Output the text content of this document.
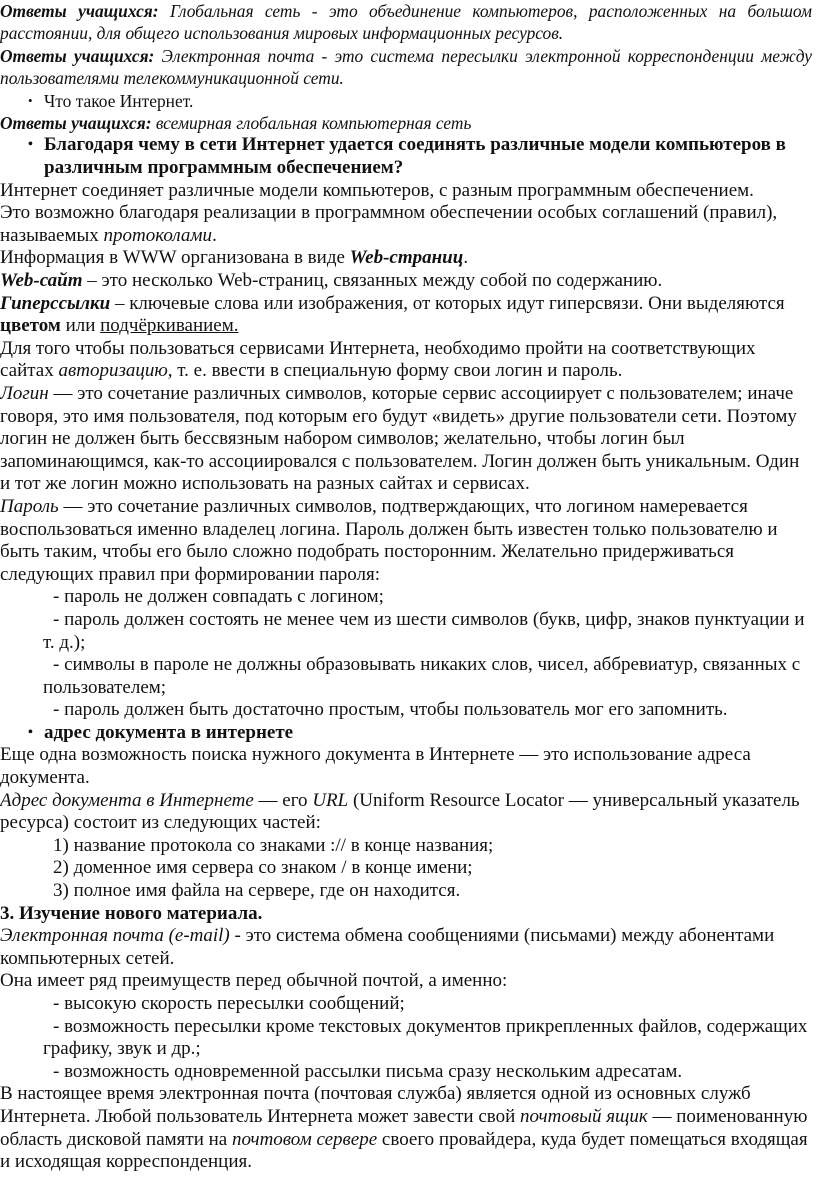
Ответы учащихся: Глобальная сеть - это объединение компьютеров, расположенных на большом расстоянии, для общего использования мировых информационных ресурсов.

Ответы учащихся: Электронная почта - это система пересылки электронной корреспонденции между пользователями телекоммуникационной сети.

• Что такое Интернет.

Ответы учащихся: всемирная глобальная компьютерная сеть

• Благодаря чему в сети Интернет удается соединять различные модели компьютеров в различным программным обеспечением?

Интернет соединяет различные модели компьютеров, с разным программным обеспечением.

Это возможно благодаря реализации в программном обеспечении особых соглашений (правил), называемых протоколами.

Информация в WWW организована в виде Web-страниц.

Web-сайт – это несколько Web-страниц, связанных между собой по содержанию.

Гиперссылки – ключевые слова или изображения, от которых идут гиперсвязи. Они выделяются цветом или подчёркиванием.

Для того чтобы пользоваться сервисами Интернета, необходимо пройти на соответствующих сайтах авторизацию, т. е. ввести в специальную форму свои логин и пароль.

Логин — это сочетание различных символов, которые сервис ассоциирует с пользователем; иначе говоря, это имя пользователя, под которым его будут «видеть» другие пользователи сети. Поэтому логин не должен быть бессвязным набором символов; желательно, чтобы логин был запоминающимся, как-то ассоциировался с пользователем. Логин должен быть уникальным. Один и тот же логин можно использовать на разных сайтах и сервисах.

Пароль — это сочетание различных символов, подтверждающих, что логином намеревается воспользоваться именно владелец логина. Пароль должен быть известен только пользователю и быть таким, чтобы его было сложно подобрать посторонним. Желательно придерживаться следующих правил при формировании пароля:

- пароль не должен совпадать с логином;

- пароль должен состоять не менее чем из шести символов (букв, цифр, знаков пунктуации и т. д.);

- символы в пароле не должны образовывать никаких слов, чисел, аббревиатур, связанных с пользователем;

- пароль должен быть достаточно простым, чтобы пользователь мог его запомнить.

• адрес документа в интернете

Еще одна возможность поиска нужного документа в Интернете — это использование адреса документа.

Адрес документа в Интернете — его URL (Uniform Resource Locator — универсальный указатель ресурса) состоит из следующих частей:

1) название протокола со знаками :// в конце названия;

2) доменное имя сервера со знаком / в конце имени;

3) полное имя файла на сервере, где он находится.

3. Изучение нового материала.

Электронная почта (e-mail) - это система обмена сообщениями (письмами) между абонентами компьютерных сетей.

Она имеет ряд преимуществ перед обычной почтой, а именно:

- высокую скорость пересылки сообщений;

- возможность пересылки кроме текстовых документов прикрепленных файлов, содержащих графику, звук и др.;

- возможность одновременной рассылки письма сразу нескольким адресатам.

В настоящее время электронная почта (почтовая служба) является одной из основных служб Интернета. Любой пользователь Интернета может завести свой почтовый ящик — поименованную область дисковой памяти на почтовом сервере своего провайдера, куда будет помещаться входящая и исходящая корреспонденция.
